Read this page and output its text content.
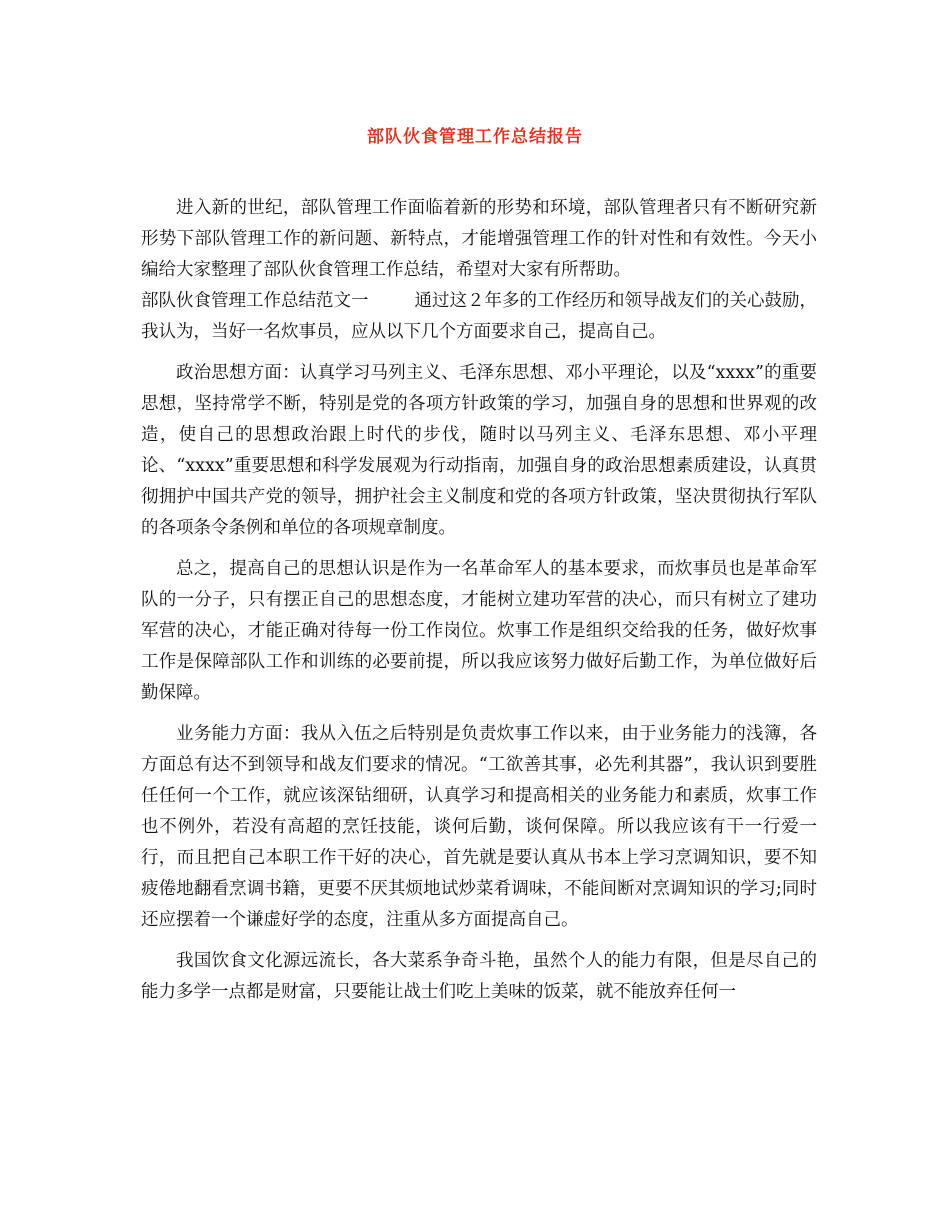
部队伙食管理工作总结报告

进入新的世纪，部队管理工作面临着新的形势和环境，部队管理者只有不断研究新形势下部队管理工作的新问题、新特点，才能增强管理工作的针对性和有效性。今天小编给大家整理了部队伙食管理工作总结，希望对大家有所帮助。

部队伙食管理工作总结范文一	通过这２年多的工作经历和领导战友们的关心鼓励，我认为，当好一名炊事员，应从以下几个方面要求自己，提高自己。

政治思想方面：认真学习马列主义、毛泽东思想、邓小平理论，以及“xxxx”的重要思想，坚持常学不断，特别是党的各项方针政策的学习，加强自身的思想和世界观的改造，使自己的思想政治跟上时代的步伐，随时以马列主义、毛泽东思想、邓小平理论、“xxxx”重要思想和科学发展观为行动指南，加强自身的政治思想素质建设，认真贯彻拥护中国共产党的领导，拥护社会主义制度和党的各项方针政策，坚决贯彻执行军队的各项条令条例和单位的各项规章制度。

总之，提高自己的思想认识是作为一名革命军人的基本要求，而炊事员也是革命军队的一分子，只有摆正自己的思想态度，才能树立建功军营的决心，而只有树立了建功军营的决心，才能正确对待每一份工作岗位。炊事工作是组织交给我的任务，做好炊事工作是保障部队工作和训练的必要前提，所以我应该努力做好后勤工作，为单位做好后勤保障。

业务能力方面：我从入伍之后特别是负责炊事工作以来，由于业务能力的浅簿，各方面总有达不到领导和战友们要求的情况。“工欲善其事，必先利其器”，我认识到要胜任任何一个工作，就应该深钻细研，认真学习和提高相关的业务能力和素质，炊事工作也不例外，若没有高超的烹饪技能，谈何后勤，谈何保障。所以我应该有干一行爱一行，而且把自己本职工作干好的决心，首先就是要认真从书本上学习烹调知识，要不知疲倦地翻看烹调书籍，更要不厌其烦地试炒菜肴调味，不能间断对烹调知识的学习;同时还应摆着一个谦虚好学的态度，注重从多方面提高自己。

我国饮食文化源远流长，各大菜系争奇斗艳，虽然个人的能力有限，但是尽自己的能力多学一点都是财富，只要能让战士们吃上美味的饭菜，就不能放弃任何一
